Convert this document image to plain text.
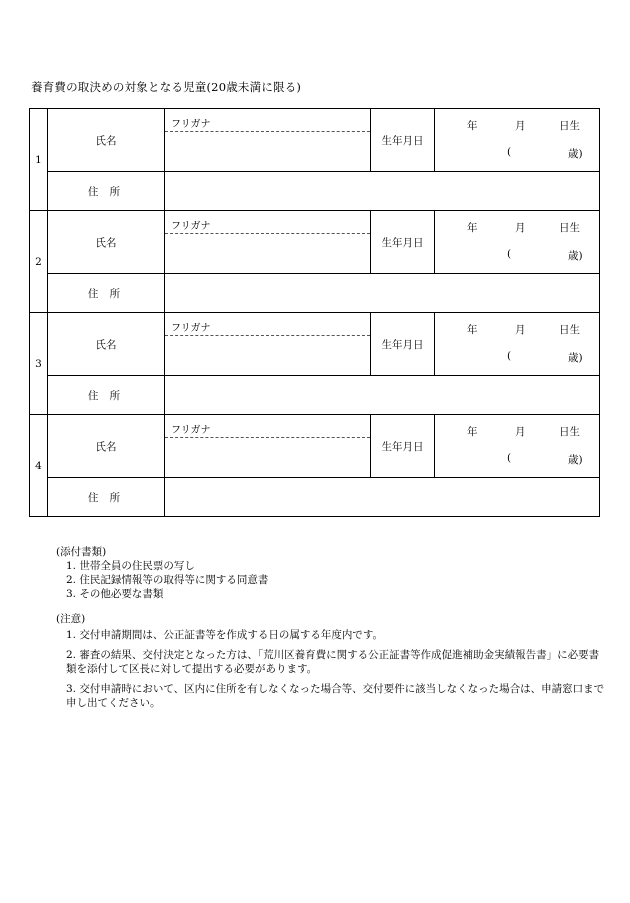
養育費の取決めの対象となる児童(20歳未満に限る)
1	氏名	フリガナ	生年月日	年 月 日生
( 歳)

	住 所			
2	氏名	フリガナ	生年月日	年 月 日生
( 歳)

	住 所			
3	氏名	フリガナ	生年月日	年 月 日生
( 歳)

	住 所			
4	氏名	フリガナ	生年月日	年 月 日生
( 歳)

	住 所			
(添付書類)
1. 世帯全員の住民票の写し
2. 住民記録情報等の取得等に関する同意書
3. その他必要な書類
(注意)
1. 交付申請期間は、公正証書等を作成する日の属する年度内です。
2. 審査の結果、交付決定となった方は、「荒川区養育費に関する公正証書等作成促進補助金実績報告書」に必要書類を添付して区長に対して提出する必要があります。
3. 交付申請時において、区内に住所を有しなくなった場合等、交付要件に該当しなくなった場合は、申請窓口まで申し出てください。
